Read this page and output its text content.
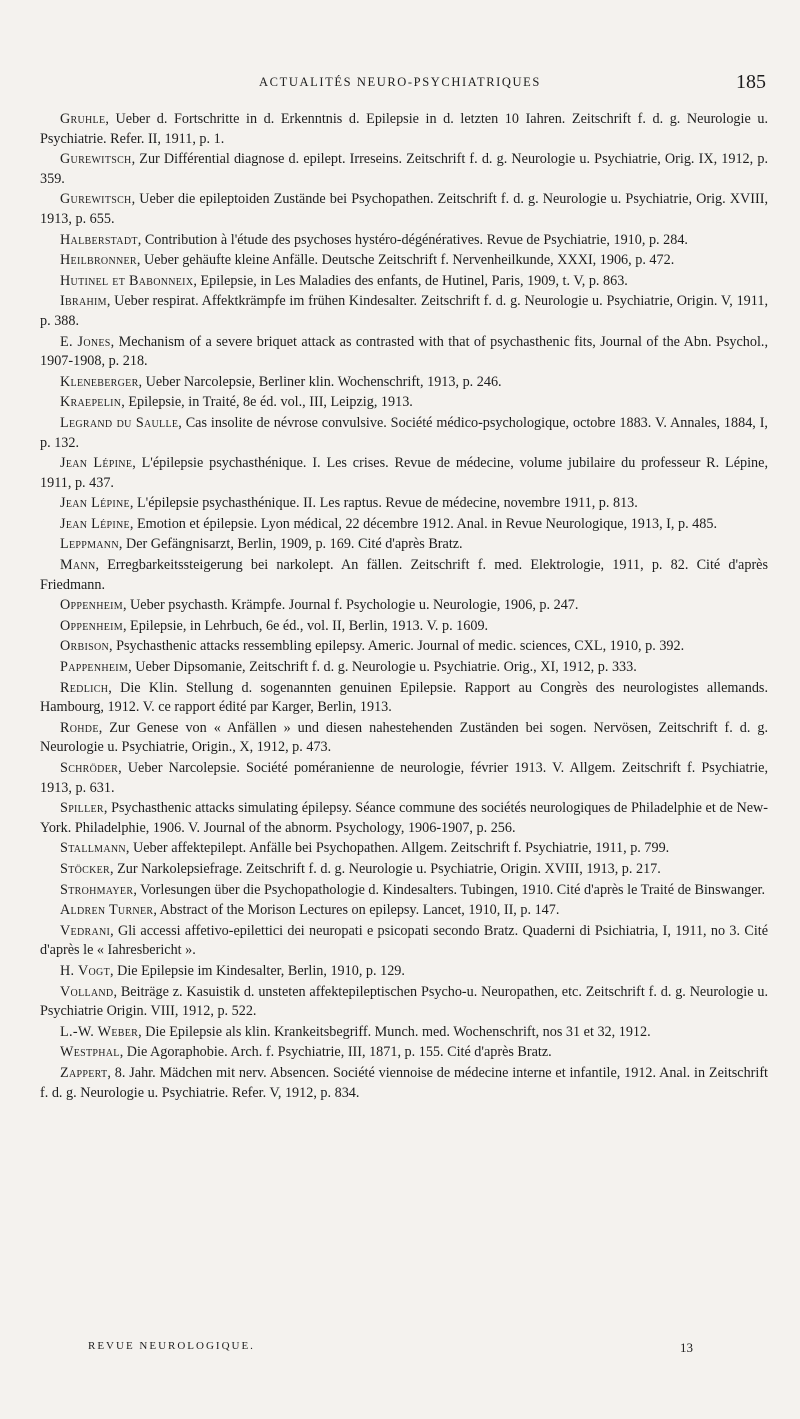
ACTUALITÉS NEURO-PSYCHIATRIQUES	185

Gruhle, Ueber d. Fortschritte in d. Erkenntnis d. Epilepsie in d. letzten 10 Iahren. Zeitschrift f. d. g. Neurologie u. Psychiatrie. Refer. II, 1911, p. 1.

Gurewitsch, Zur Différential diagnose d. epilept. Irreseins. Zeitschrift f. d. g. Neurologie u. Psychiatrie, Orig. IX, 1912, p. 359.

Gurewitsch, Ueber die epileptoiden Zustände bei Psychopathen. Zeitschrift f. d. g. Neurologie u. Psychiatrie, Orig. XVIII, 1913, p. 655.

Halberstadt, Contribution à l'étude des psychoses hystéro-dégénératives. Revue de Psychiatrie, 1910, p. 284.

Heilbronner, Ueber gehäufte kleine Anfälle. Deutsche Zeitschrift f. Nervenheilkunde, XXXI, 1906, p. 472.

Hutinel et Babonneix, Epilepsie, in Les Maladies des enfants, de Hutinel, Paris, 1909, t. V, p. 863.

Ibrahim, Ueber respirat. Affektkrämpfe im frühen Kindesalter. Zeitschrift f. d. g. Neurologie u. Psychiatrie, Origin. V, 1911, p. 388.

E. Jones, Mechanism of a severe briquet attack as contrasted with that of psychasthenic fits, Journal of the Abn. Psychol., 1907-1908, p. 218.

Kleneberger, Ueber Narcolepsie, Berliner klin. Wochenschrift, 1913, p. 246.

Kraepelin, Epilepsie, in Traité, 8e éd. vol., III, Leipzig, 1913.

Legrand du Saulle, Cas insolite de névrose convulsive. Société médico-psychologique, octobre 1883. V. Annales, 1884, I, p. 132.

Jean Lépine, L'épilepsie psychasthénique. I. Les crises. Revue de médecine, volume jubilaire du professeur R. Lépine, 1911, p. 437.

Jean Lépine, L'épilepsie psychasthénique. II. Les raptus. Revue de médecine, novembre 1911, p. 813.

Jean Lépine, Emotion et épilepsie. Lyon médical, 22 décembre 1912. Anal. in Revue Neurologique, 1913, I, p. 485.

Leppmann, Der Gefängnisarzt, Berlin, 1909, p. 169. Cité d'après Bratz.

Mann, Erregbarkeitssteigerung bei narkolept. An fällen. Zeitschrift f. med. Elektrologie, 1911, p. 82. Cité d'après Friedmann.

Oppenheim, Ueber psychasth. Krämpfe. Journal f. Psychologie u. Neurologie, 1906, p. 247.

Oppenheim, Epilepsie, in Lehrbuch, 6e éd., vol. II, Berlin, 1913. V. p. 1609.

Orbison, Psychasthenic attacks ressembling epilepsy. Americ. Journal of medic. sciences, CXL, 1910, p. 392.

Pappenheim, Ueber Dipsomanie, Zeitschrift f. d. g. Neurologie u. Psychiatrie. Orig., XI, 1912, p. 333.

Redlich, Die Klin. Stellung d. sogenannten genuinen Epilepsie. Rapport au Congrès des neurologistes allemands. Hambourg, 1912. V. ce rapport édité par Karger, Berlin, 1913.

Rohde, Zur Genese von « Anfällen » und diesen nahestehenden Zuständen bei sogen. Nervösen, Zeitschrift f. d. g. Neurologie u. Psychiatrie, Origin., X, 1912, p. 473.

Schröder, Ueber Narcolepsie. Société poméranienne de neurologie, février 1913. V. Allgem. Zeitschrift f. Psychiatrie, 1913, p. 631.

Spiller, Psychasthenic attacks simulating épilepsy. Séance commune des sociétés neurologiques de Philadelphie et de New-York. Philadelphie, 1906. V. Journal of the abnorm. Psychology, 1906-1907, p. 256.

Stallmann, Ueber affektepilept. Anfälle bei Psychopathen. Allgem. Zeitschrift f. Psychiatrie, 1911, p. 799.

Stöcker, Zur Narkolepsiefrage. Zeitschrift f. d. g. Neurologie u. Psychiatrie, Origin. XVIII, 1913, p. 217.

Strohmayer, Vorlesungen über die Psychopathologie d. Kindesalters. Tubingen, 1910. Cité d'après le Traité de Binswanger.

Aldren Turner, Abstract of the Morison Lectures on epilepsy. Lancet, 1910, II, p. 147.

Vedrani, Gli accessi affetivo-epilettici dei neuropati e psicopati secondo Bratz. Quaderni di Psichiatria, I, 1911, no 3. Cité d'après le « Iahresbericht ».

H. Vogt, Die Epilepsie im Kindesalter, Berlin, 1910, p. 129.

Volland, Beiträge z. Kasuistik d. unsteten affektepileptischen Psycho-u. Neuropathen, etc. Zeitschrift f. d. g. Neurologie u. Psychiatrie Origin. VIII, 1912, p. 522.

L.-W. Weber, Die Epilepsie als klin. Krankeitsbegriff. Munch. med. Wochenschrift, nos 31 et 32, 1912.

Westphal, Die Agoraphobie. Arch. f. Psychiatrie, III, 1871, p. 155. Cité d'après Bratz.

Zappert, 8. Jahr. Mädchen mit nerv. Absencen. Société viennoise de médecine interne et infantile, 1912. Anal. in Zeitschrift f. d. g. Neurologie u. Psychiatrie. Refer. V, 1912, p. 834.

REVUE NEUROLOGIQUE.	13
